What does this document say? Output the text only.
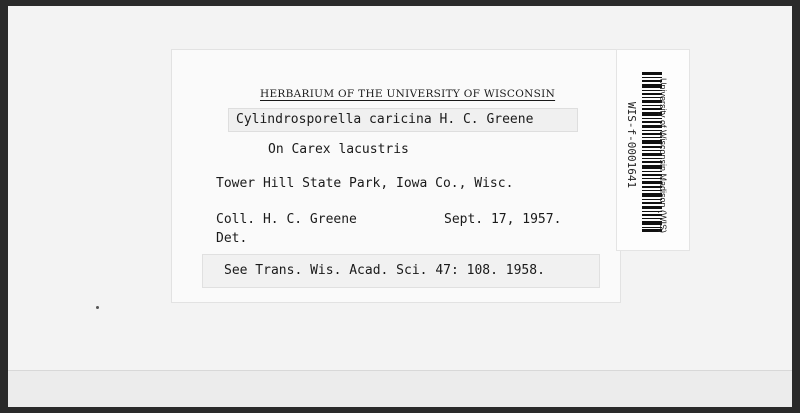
HERBARIUM OF THE UNIVERSITY OF WISCONSIN
Cylindrosporella caricina H. C. Greene
On Carex lacustris
Tower Hill State Park, Iowa Co., Wisc.
Coll. H. C. Greene	Sept. 17, 1957.
Det.
See Trans. Wis. Acad. Sci. 47: 108. 1958.
University of Wisconsin Madison (WIS)
WIS-f-0001641
